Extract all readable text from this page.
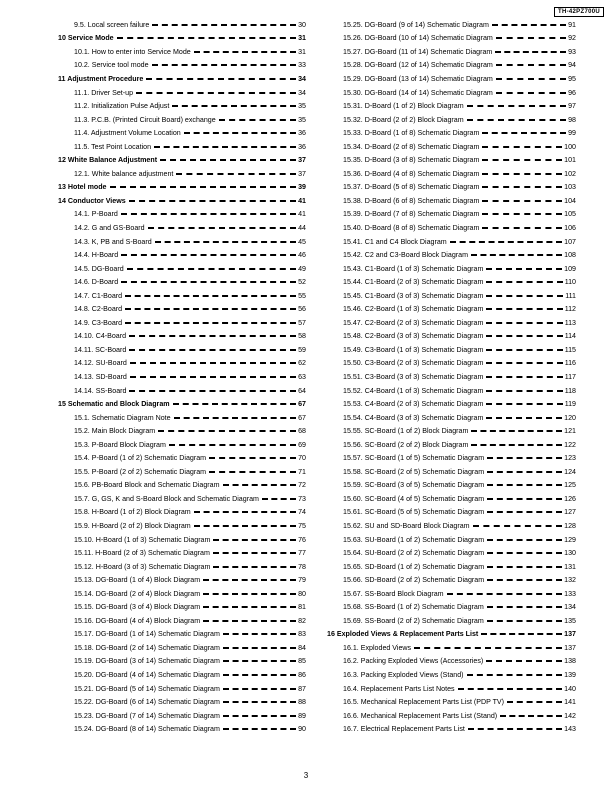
TH-42PZ700U
9.5. Local screen failure	30
10 Service Mode	31
10.1. How to enter into Service Mode	31
10.2. Service tool mode	33
11 Adjustment Procedure	34
11.1. Driver Set-up	34
11.2. Initialization Pulse Adjust	35
11.3. P.C.B. (Printed Circuit Board) exchange	35
11.4. Adjustment Volume Location	36
11.5. Test Point Location	36
12 White Balance Adjustment	37
12.1. White balance adjustment	37
13 Hotel mode	39
14 Conductor Views	41
14.1. P-Board	41
14.2. G and GS-Board	44
14.3. K, PB and S-Board	45
14.4. H-Board	46
14.5. DG-Board	49
14.6. D-Board	52
14.7. C1-Board	55
14.8. C2-Board	56
14.9. C3-Board	57
14.10. C4-Board	58
14.11. SC-Board	59
14.12. SU-Board	62
14.13. SD-Board	63
14.14. SS-Board	64
15 Schematic and Block Diagram	67
15.1. Schematic Diagram Note	67
15.2. Main Block Diagram	68
15.3. P-Board Block Diagram	69
15.4. P-Board (1 of 2) Schematic Diagram	70
15.5. P-Board (2 of 2) Schematic Diagram	71
15.6. PB-Board Block and Schematic Diagram	72
15.7. G, GS, K and S-Board Block and Schematic Diagram	73
15.8. H-Board (1 of 2) Block Diagram	74
15.9. H-Board (2 of 2) Block Diagram	75
15.10. H-Board (1 of 3) Schematic Diagram	76
15.11. H-Board (2 of 3) Schematic Diagram	77
15.12. H-Board (3 of 3) Schematic Diagram	78
15.13. DG-Board (1 of 4) Block Diagram	79
15.14. DG-Board (2 of 4) Block Diagram	80
15.15. DG-Board (3 of 4) Block Diagram	81
15.16. DG-Board (4 of 4) Block Diagram	82
15.17. DG-Board (1 of 14) Schematic Diagram	83
15.18. DG-Board (2 of 14) Schematic Diagram	84
15.19. DG-Board (3 of 14) Schematic Diagram	85
15.20. DG-Board (4 of 14) Schematic Diagram	86
15.21. DG-Board (5 of 14) Schematic Diagram	87
15.22. DG-Board (6 of 14) Schematic Diagram	88
15.23. DG-Board (7 of 14) Schematic Diagram	89
15.24. DG-Board (8 of 14) Schematic Diagram	90
15.25. DG-Board (9 of 14) Schematic Diagram	91
15.26. DG-Board (10 of 14) Schematic Diagram	92
15.27. DG-Board (11 of 14) Schematic Diagram	93
15.28. DG-Board (12 of 14) Schematic Diagram	94
15.29. DG-Board (13 of 14) Schematic Diagram	95
15.30. DG-Board (14 of 14) Schematic Diagram	96
15.31. D-Board (1 of 2) Block Diagram	97
15.32. D-Board (2 of 2) Block Diagram	98
15.33. D-Board (1 of 8) Schematic Diagram	99
15.34. D-Board (2 of 8) Schematic Diagram	100
15.35. D-Board (3 of 8) Schematic Diagram	101
15.36. D-Board (4 of 8) Schematic Diagram	102
15.37. D-Board (5 of 8) Schematic Diagram	103
15.38. D-Board (6 of 8) Schematic Diagram	104
15.39. D-Board (7 of 8) Schematic Diagram	105
15.40. D-Board (8 of 8) Schematic Diagram	106
15.41. C1 and C4 Block Diagram	107
15.42. C2 and C3-Board Block Diagram	108
15.43. C1-Board (1 of 3) Schematic Diagram	109
15.44. C1-Board (2 of 3) Schematic Diagram	110
15.45. C1-Board (3 of 3) Schematic Diagram	111
15.46. C2-Board (1 of 3) Schematic Diagram	112
15.47. C2-Board (2 of 3) Schematic Diagram	113
15.48. C2-Board (3 of 3) Schematic Diagram	114
15.49. C3-Board (1 of 3) Schematic Diagram	115
15.50. C3-Board (2 of 3) Schematic Diagram	116
15.51. C3-Board (3 of 3) Schematic Diagram	117
15.52. C4-Board (1 of 3) Schematic Diagram	118
15.53. C4-Board (2 of 3) Schematic Diagram	119
15.54. C4-Board (3 of 3) Schematic Diagram	120
15.55. SC-Board (1 of 2) Block Diagram	121
15.56. SC-Board (2 of 2) Block Diagram	122
15.57. SC-Board (1 of 5) Schematic Diagram	123
15.58. SC-Board (2 of 5) Schematic Diagram	124
15.59. SC-Board (3 of 5) Schematic Diagram	125
15.60. SC-Board (4 of 5) Schematic Diagram	126
15.61. SC-Board (5 of 5) Schematic Diagram	127
15.62. SU and SD-Board Block Diagram	128
15.63. SU-Board (1 of 2) Schematic Diagram	129
15.64. SU-Board (2 of 2) Schematic Diagram	130
15.65. SD-Board (1 of 2) Schematic Diagram	131
15.66. SD-Board (2 of 2) Schematic Diagram	132
15.67. SS-Board Block Diagram	133
15.68. SS-Board (1 of 2) Schematic Diagram	134
15.69. SS-Board (2 of 2) Schematic Diagram	135
16 Exploded Views & Replacement Parts List	137
16.1. Exploded Views	137
16.2. Packing Exploded Views (Accessories)	138
16.3. Packing Exploded Views (Stand)	139
16.4. Replacement Parts List Notes	140
16.5. Mechanical Replacement Parts List (PDP TV)	141
16.6. Mechanical Replacement Parts List (Stand)	142
16.7. Electrical Replacement Parts List	143
3
